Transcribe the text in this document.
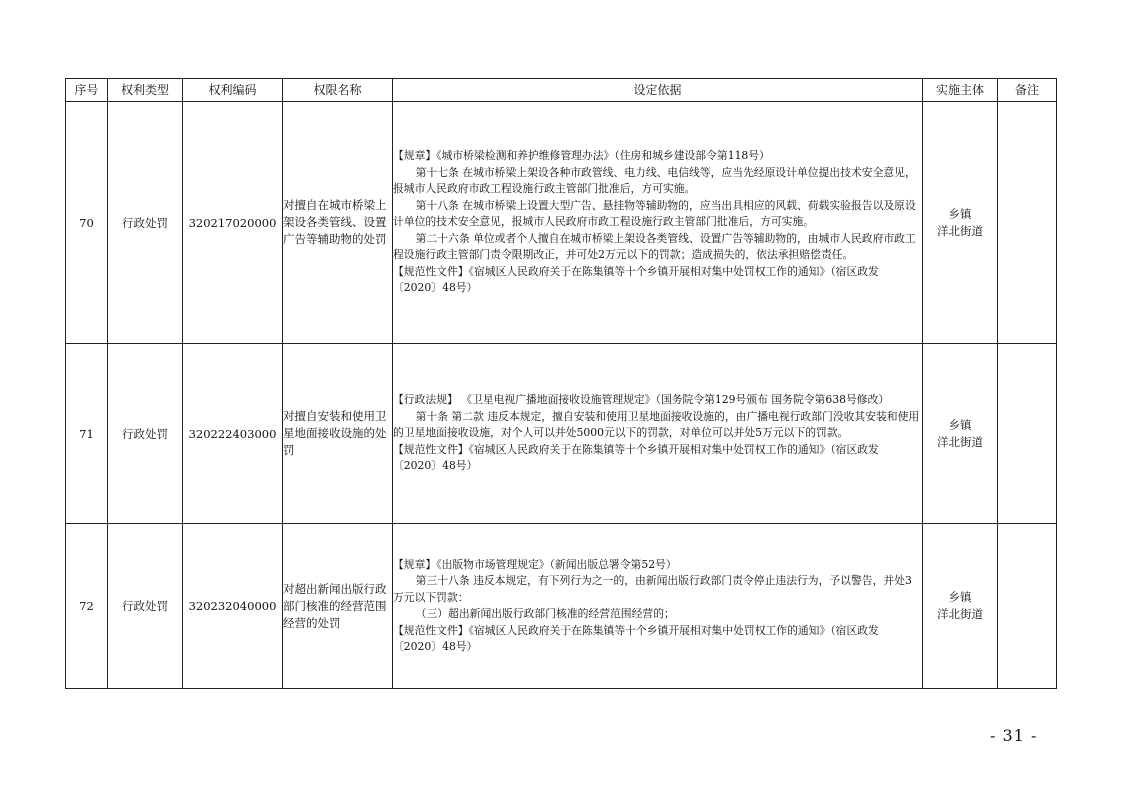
序号	权利类型	权利编码	权限名称	设定依据	实施主体	备注
70	行政处罚	320217020000	对擅自在城市桥梁上架设各类管线、设置广告等辅助物的处罚	【规章】《城市桥梁检测和养护维修管理办法》（住房和城乡建设部令第118号）
第十七条 在城市桥梁上架设各种市政管线、电力线、电信线等，应当先经原设计单位提出技术安全意见，报城市人民政府市政工程设施行政主管部门批准后，方可实施。
第十八条 在城市桥梁上设置大型广告、悬挂物等辅助物的，应当出具相应的风载、荷载实验报告以及原设计单位的技术安全意见，报城市人民政府市政工程设施行政主管部门批准后，方可实施。
第二十六条 单位或者个人擅自在城市桥梁上架设各类管线、设置广告等辅助物的，由城市人民政府市政工程设施行政主管部门责令限期改正，并可处2万元以下的罚款；造成损失的，依法承担赔偿责任。
【规范性文件】《宿城区人民政府关于在陈集镇等十个乡镇开展相对集中处罚权工作的通知》（宿区政发〔2020〕48号）	乡镇
洋北街道	

71	行政处罚	320222403000	对擅自安装和使用卫星地面接收设施的处罚	【行政法规】 《卫星电视广播地面接收设施管理规定》（国务院令第129号颁布 国务院令第638号修改）
第十条 第二款 违反本规定，擅自安装和使用卫星地面接收设施的，由广播电视行政部门没收其安装和使用的卫星地面接收设施，对个人可以并处5000元以下的罚款，对单位可以并处5万元以下的罚款。
【规范性文件】《宿城区人民政府关于在陈集镇等十个乡镇开展相对集中处罚权工作的通知》（宿区政发〔2020〕48号）	乡镇
洋北街道	

72	行政处罚	320232040000	对超出新闻出版行政部门核准的经营范围经营的处罚	【规章】《出版物市场管理规定》（新闻出版总署令第52号）
第三十八条 违反本规定，有下列行为之一的，由新闻出版行政部门责令停止违法行为，予以警告，并处3万元以下罚款：
（三）超出新闻出版行政部门核准的经营范围经营的；
【规范性文件】《宿城区人民政府关于在陈集镇等十个乡镇开展相对集中处罚权工作的通知》（宿区政发〔2020〕48号）	乡镇
洋北街道	

- 31 -
